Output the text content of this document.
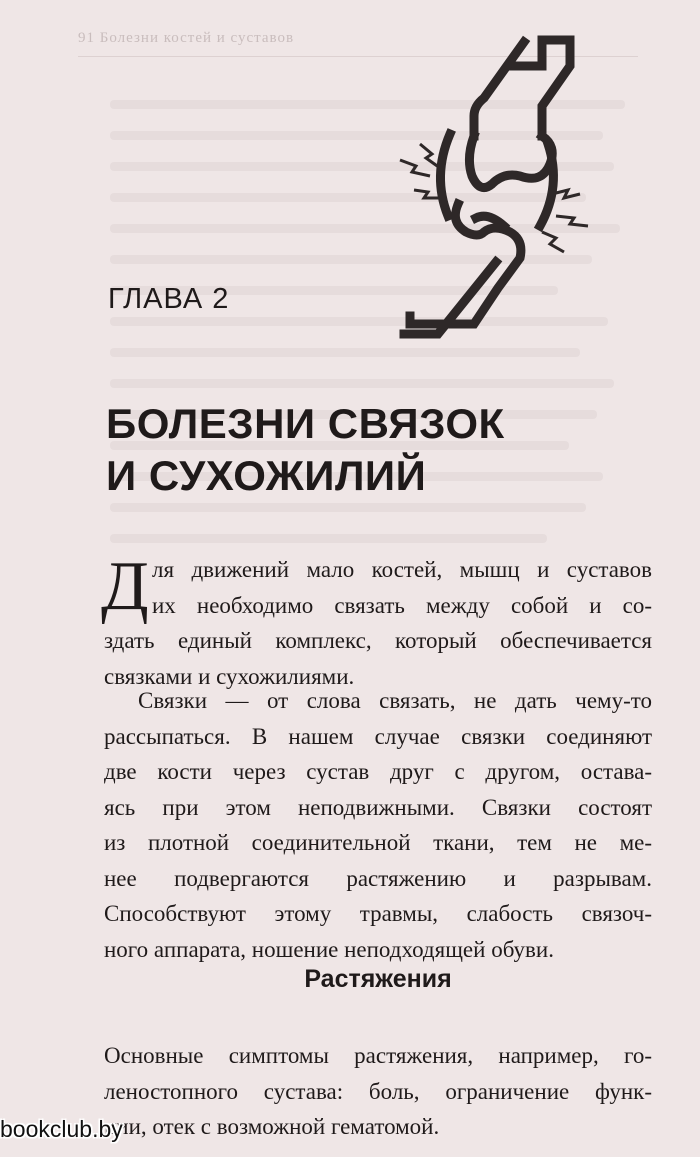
91 Болезни костей и суставов
ГЛАВА 2
БОЛЕЗНИ СВЯЗОК
И СУХОЖИЛИЙ
Д ля движений мало костей, мышц и суставов
их необходимо связать между собой и со-
здать единый комплекс, который обеспечивается
связками и сухожилиями.
Связки — от слова связать, не дать чему-то
рассыпаться. В нашем случае связки соединяют
две кости через сустав друг с другом, остава-
ясь при этом неподвижными. Связки состоят
из плотной соединительной ткани, тем не ме-
нее подвергаются растяжению и разрывам.
Способствуют этому травмы, слабость связоч-
ного аппарата, ношение неподходящей обуви.
Растяжения
Основные симптомы растяжения, например, го-
леностопного сустава: боль, ограничение функ-
ции, отек с возможной гематомой.
bookclub.by
